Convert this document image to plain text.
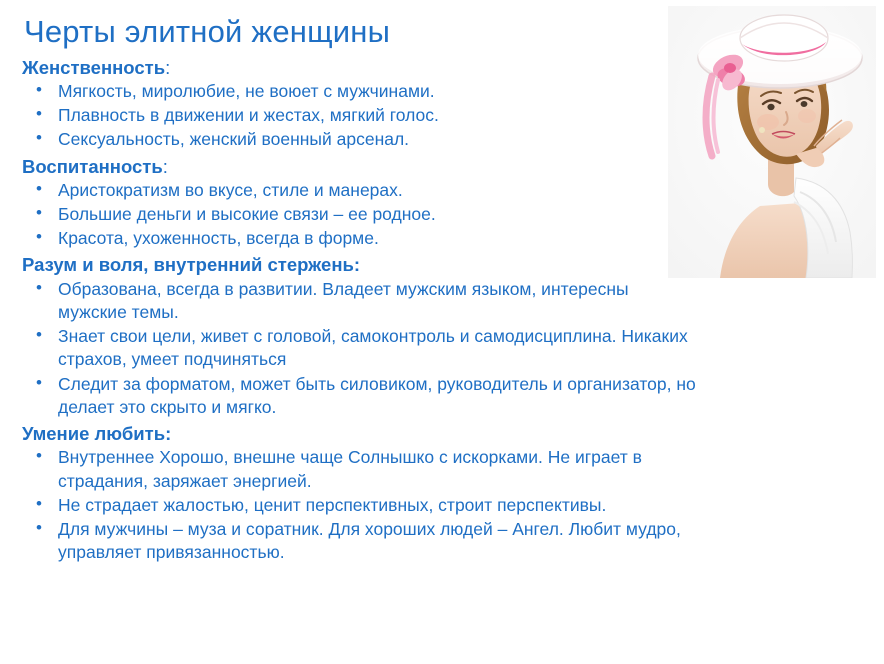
Черты элитной женщины
Женственность:
• Мягкость, миролюбие, не воюет с мужчинами.
• Плавность в движении и жестах, мягкий голос.
• Сексуальность, женский военный арсенал.
Воспитанность:
• Аристократизм во вкусе, стиле и манерах.
• Большие деньги и высокие связи – ее родное.
• Красота, ухоженность, всегда в форме.
Разум и воля, внутренний стержень:
• Образована, всегда в развитии. Владеет мужским языком, интересны мужские темы.
• Знает свои цели, живет с головой, самоконтроль и самодисциплина. Никаких страхов, умеет подчиняться
• Следит за форматом, может быть силовиком, руководитель и организатор, но делает это скрыто и мягко.
Умение любить:
• Внутреннее Хорошо, внешне чаще Солнышко с искорками. Не играет в страдания, заряжает энергией.
• Не страдает жалостью, ценит перспективных, строит перспективы.
• Для мужчины – муза и соратник. Для хороших людей – Ангел. Любит мудро, управляет привязанностью.
